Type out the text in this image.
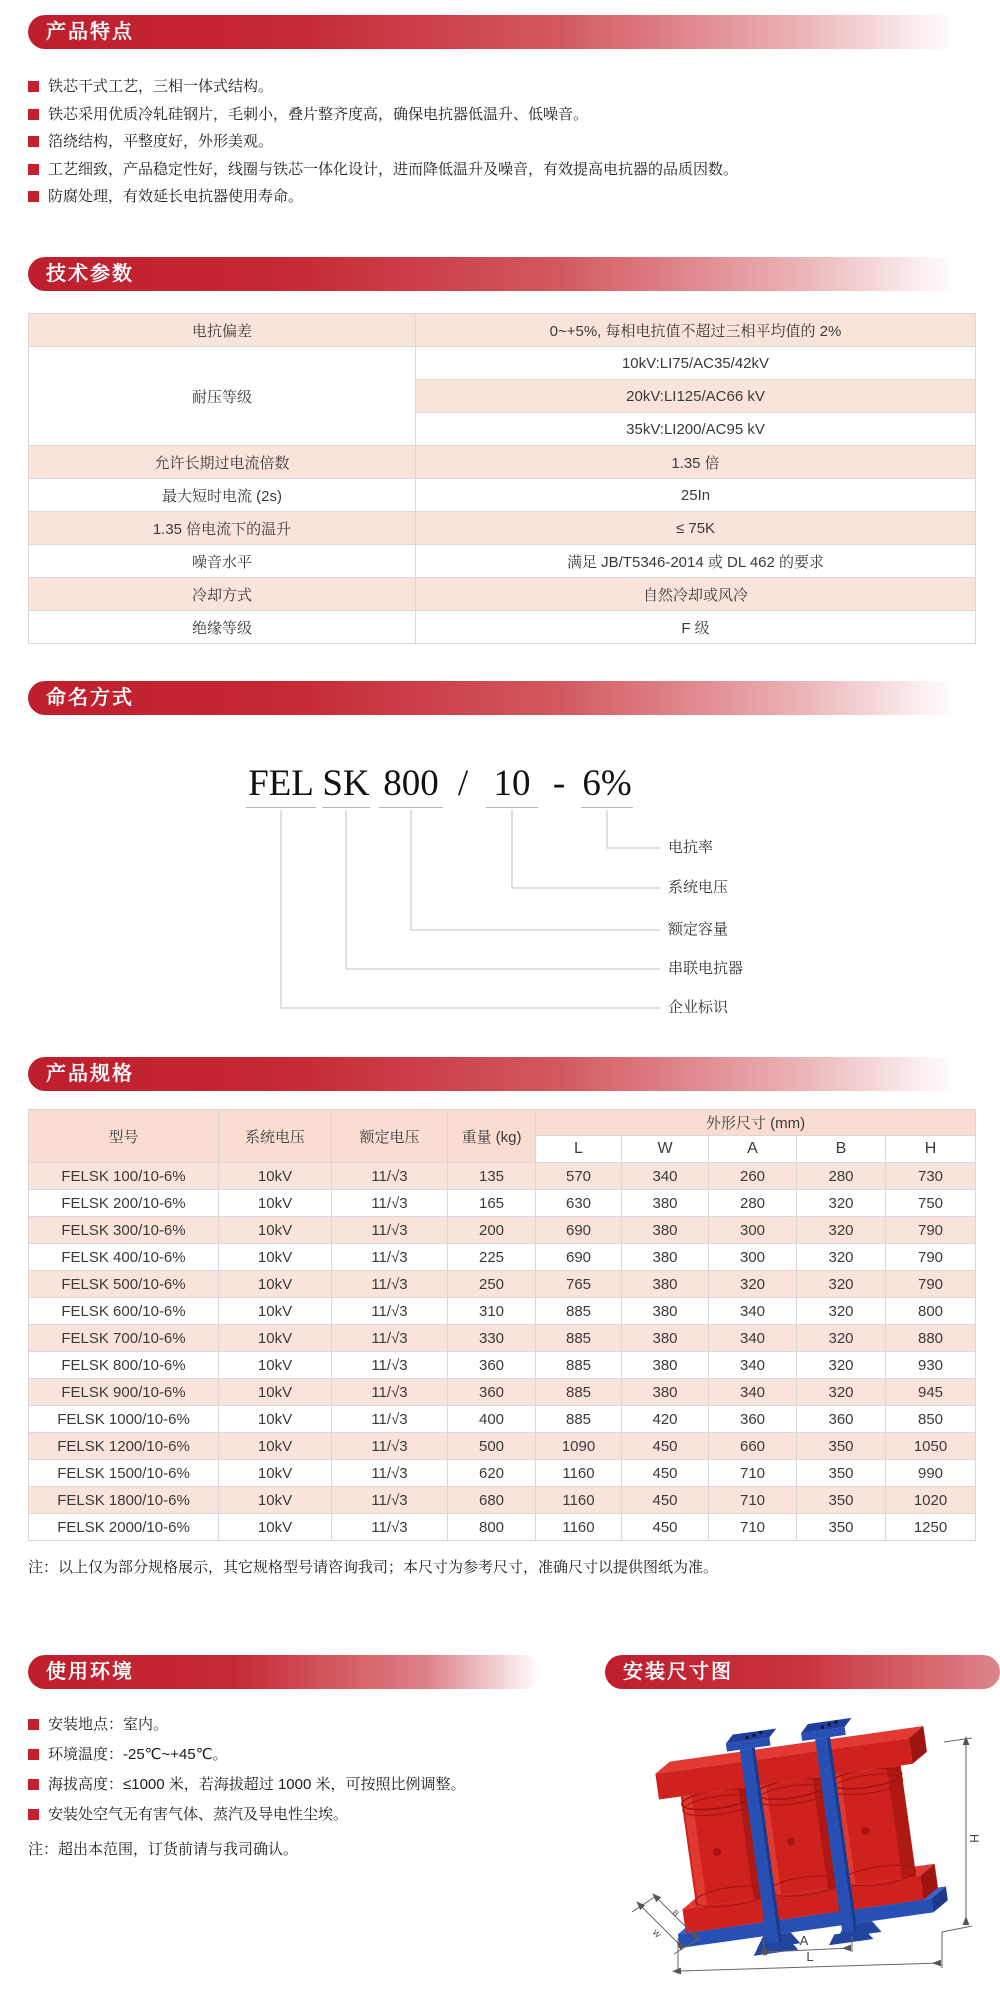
产品特点
铁芯干式工艺，三相一体式结构。
铁芯采用优质冷轧硅钢片，毛刺小，叠片整齐度高，确保电抗器低温升、低噪音。
箔绕结构，平整度好，外形美观。
工艺细致，产品稳定性好，线圈与铁芯一体化设计，进而降低温升及噪音，有效提高电抗器的品质因数。
防腐处理，有效延长电抗器使用寿命。
技术参数
电抗偏差	0~+5%, 每相电抗值不超过三相平均值的 2%
耐压等级	10kV:LI75/AC35/42kV
	20kV:LI125/AC66 kV
	35kV:LI200/AC95 kV
允许长期过电流倍数	1.35 倍
最大短时电流 (2s)	25In
1.35 倍电流下的温升	≤ 75K
噪音水平	满足 JB/T5346-2014 或 DL 462 的要求
冷却方式	自然冷却或风冷
绝缘等级	F 级
命名方式
FEL SK 800 / 10 - 6%
电抗率
系统电压
额定容量
串联电抗器
企业标识
产品规格
型号	系统电压	额定电压	重量 (kg)	外形尺寸 (mm)				
				L	W	A	B	H
FELSK 100/10-6%	10kV	11/√3	135	570	340	260	280	730
FELSK 200/10-6%	10kV	11/√3	165	630	380	280	320	750
FELSK 300/10-6%	10kV	11/√3	200	690	380	300	320	790
FELSK 400/10-6%	10kV	11/√3	225	690	380	300	320	790
FELSK 500/10-6%	10kV	11/√3	250	765	380	320	320	790
FELSK 600/10-6%	10kV	11/√3	310	885	380	340	320	800
FELSK 700/10-6%	10kV	11/√3	330	885	380	340	320	880
FELSK 800/10-6%	10kV	11/√3	360	885	380	340	320	930
FELSK 900/10-6%	10kV	11/√3	360	885	380	340	320	945
FELSK 1000/10-6%	10kV	11/√3	400	885	420	360	360	850
FELSK 1200/10-6%	10kV	11/√3	500	1090	450	660	350	1050
FELSK 1500/10-6%	10kV	11/√3	620	1160	450	710	350	990
FELSK 1800/10-6%	10kV	11/√3	680	1160	450	710	350	1020
FELSK 2000/10-6%	10kV	11/√3	800	1160	450	710	350	1250
注：以上仅为部分规格展示，其它规格型号请咨询我司；本尺寸为参考尺寸，准确尺寸以提供图纸为准。
使用环境
安装地点：室内。
环境温度：-25℃~+45℃。
海拔高度：≤1000 米，若海拔超过 1000 米，可按照比例调整。
安装处空气无有害气体、蒸汽及导电性尘埃。
注：超出本范围，订货前请与我司确认。
安装尺寸图
H
A
L
W
B
